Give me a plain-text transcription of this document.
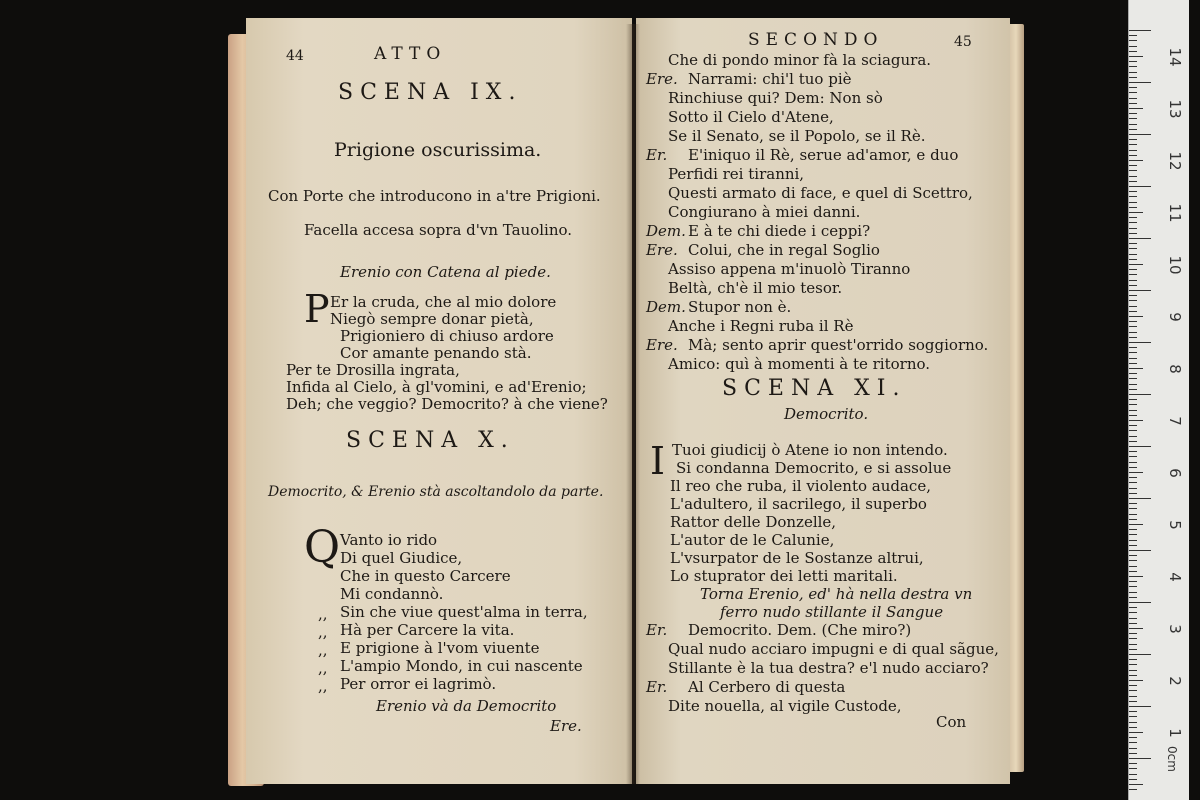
44	ATTO
SCENA IX.
Prigione oscurissima.
Con Porte che introducono in a'tre Prigioni.
Facella accesa sopra d'vn Tauolino.
Erenio con Catena al piede.
P Er la cruda, che al mio dolore
Niegò sempre donar pietà,
Prigioniero di chiuso ardore
Cor amante penando stà.
Per te Drosilla ingrata,
Infida al Cielo, à gl'vomini, e ad'Erenio;
Deh; che veggio? Democrito? à che viene?
SCENA X.
Democrito, & Erenio stà ascoltandolo da parte.
Q Vanto io rido
Di quel Giudice,
Che in questo Carcere
Mi condannò.
,, Sin che viue quest'alma in terra,
,, Hà per Carcere la vita.
,, E prigione à l'vom viuente
,, L'ampio Mondo, in cui nascente
,, Per orror ei lagrimò.
Erenio và da Democrito
Ere.
SECONDO	45
Che di pondo minor fà la sciagura.
Ere. Narrami: chi'l tuo piè
Rinchiuse qui? Dem: Non sò
Sotto il Cielo d'Atene,
Se il Senato, se il Popolo, se il Rè.
Er. E'iniquo il Rè, serue ad'amor, e duo
Perfidi rei tiranni,
Questi armato di face, e quel di Scettro,
Congiurano à miei danni.
Dem. E à te chi diede i ceppi?
Ere. Colui, che in regal Soglio
Assiso appena m'inuolò Tiranno
Beltà, ch'è il mio tesor.
Dem. Stupor non è.
Anche i Regni ruba il Rè
Ere. Mà; sento aprir quest'orrido soggiorno.
Amico: quì à momenti à te ritorno.
SCENA XI.
Democrito.
I Tuoi giudicij ò Atene io non intendo.
Si condanna Democrito, e si assolue
Il reo che ruba, il violento audace,
L'adultero, il sacrilego, il superbo
Rattor delle Donzelle,
L'autor de le Calunie,
L'vsurpator de le Sostanze altrui,
Lo stuprator dei letti maritali.
Torna Erenio, ed' hà nella destra vn
ferro nudo stillante il Sangue
Er. Democrito. Dem. (Che miro?)
Qual nudo acciaro impugni e di qual sãgue,
Stillante è la tua destra? e'l nudo acciaro?
Er. Al Cerbero di questa
Dite nouella, al vigile Custode,
Con
0cm
14
13
12
11
10
9
8
7
6
5
4
3
2
1
